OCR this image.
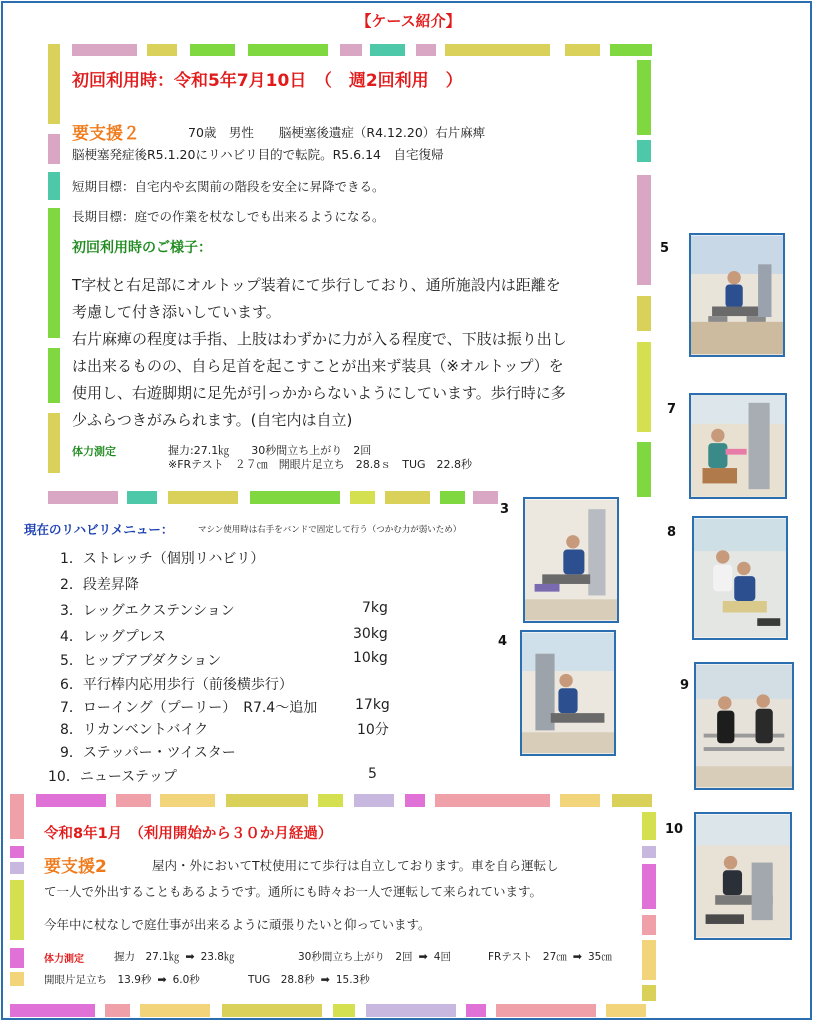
【ケース紹介】
初回利用時：令和5年7月10日　（　週2回利用　）
要支援２	70歳　男性　　脳梗塞後遺症（R4.12.20）右片麻痺
脳梗塞発症後R5.1.20にリハビリ目的で転院。R5.6.14　自宅復帰
短期目標：自宅内や玄関前の階段を安全に昇降できる。
長期目標：庭での作業を杖なしでも出来るようになる。
初回利用時のご様子：
T字杖と右足部にオルトップ装着にて歩行しており、通所施設内は距離を
考慮して付き添いしています。
右片麻痺の程度は手指、上肢はわずかに力が入る程度で、下肢は振り出し
は出来るものの、自ら足首を起こすことが出来ず装具（※オルトップ）を
使用し、右遊脚期に足先が引っかからないようにしています。歩行時に多
少ふらつきがみられます。(自宅内は自立)
体力測定	握力:27.1㎏　　30秒間立ち上がり　2回
※FRテスト　２７㎝　開眼片足立ち　28.8ｓ　TUG　22.8秒
現在のリハビリメニュー：	マシン使用時は右手をバンドで固定して行う（つかむ力が弱いため）
1．ストレッチ（個別リハビリ）
2．段差昇降
3．レッグエクステンション	7kg
4．レッグプレス	30kg
5．ヒップアブダクション	10kg
6．平行棒内応用歩行（前後横歩行）
7．ローイング（プーリー）　R7.4～追加	17kg
8．リカンベントバイク	10分
9．ステッパー・ツイスター
10．ニューステップ	5
令和8年1月　（利用開始から３０か月経過）
要支援2	屋内・外においてT杖使用にて歩行は自立しております。車を自ら運転し
て一人で外出することもあるようです。通所にも時々お一人で運転して来られています。
今年中に杖なしで庭仕事が出来るように頑張りたいと仰っています。
体力測定	握力　27.1㎏ ➡ 23.8㎏	30秒間立ち上がり　2回 ➡ 4回	FRテスト　27㎝ ➡ 35㎝
開眼片足立ち　13.9秒 ➡ 6.0秒	TUG　28.8秒 ➡ 15.3秒
5
7
3
8
4
9
10
